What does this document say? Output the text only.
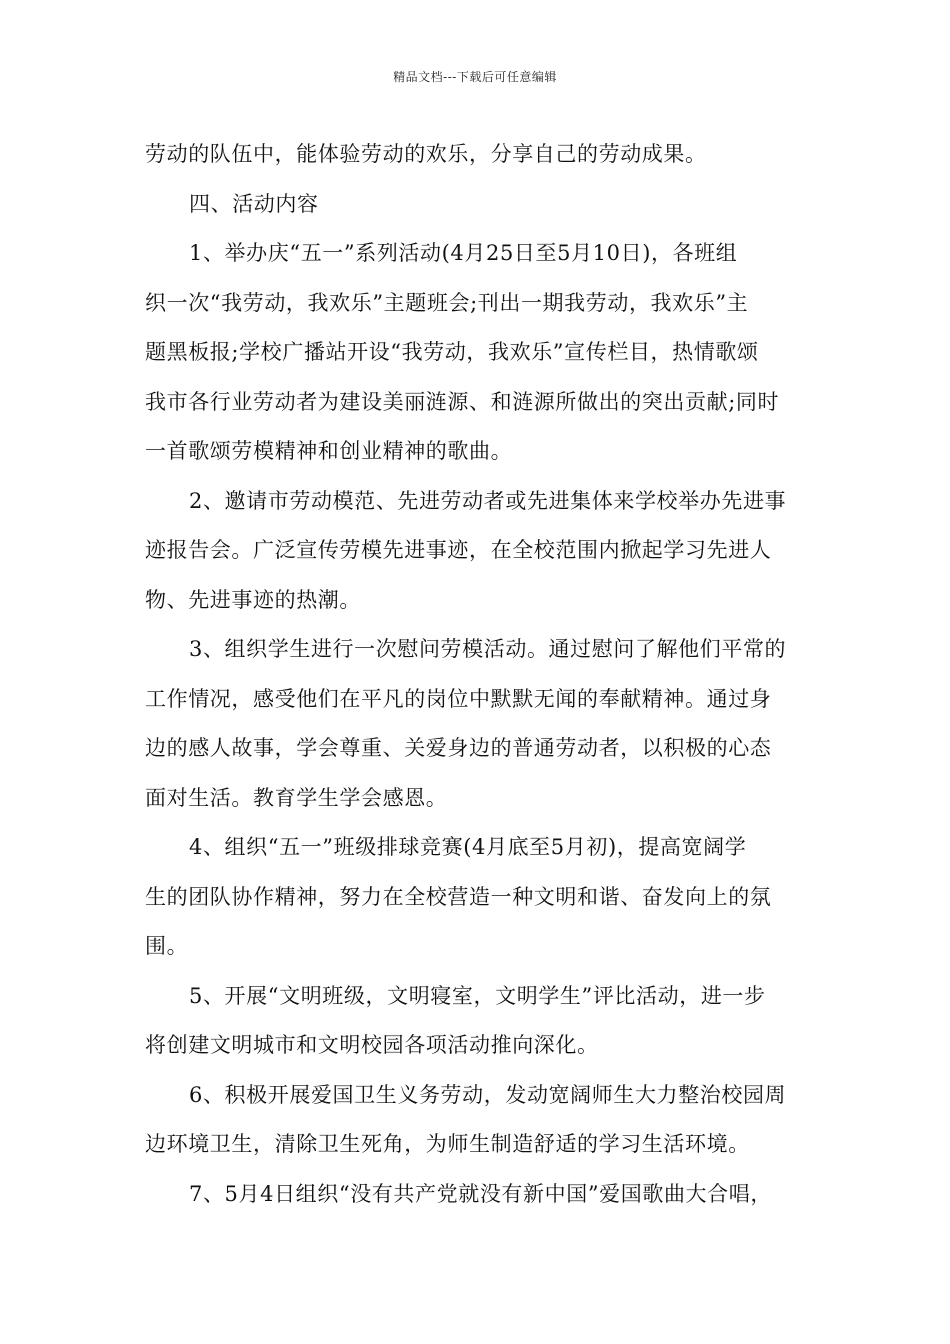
精品文档---下载后可任意编辑
劳动的队伍中，能体验劳动的欢乐，分享自己的劳动成果。
四、活动内容
1、举办庆“五一”系列活动(4月25日至5月10日)，各班组
织一次“我劳动，我欢乐”主题班会;刊出一期我劳动，我欢乐”主
题黑板报;学校广播站开设“我劳动，我欢乐”宣传栏目，热情歌颂
我市各行业劳动者为建设美丽涟源、和涟源所做出的突出贡献;同时
一首歌颂劳模精神和创业精神的歌曲。
2、邀请市劳动模范、先进劳动者或先进集体来学校举办先进事
迹报告会。广泛宣传劳模先进事迹，在全校范围内掀起学习先进人
物、先进事迹的热潮。
3、组织学生进行一次慰问劳模活动。通过慰问了解他们平常的
工作情况，感受他们在平凡的岗位中默默无闻的奉献精神。通过身
边的感人故事，学会尊重、关爱身边的普通劳动者，以积极的心态
面对生活。教育学生学会感恩。
4、组织“五一”班级排球竞赛(4月底至5月初)，提高宽阔学
生的团队协作精神，努力在全校营造一种文明和谐、奋发向上的氛
围。
5、开展“文明班级，文明寝室，文明学生”评比活动，进一步
将创建文明城市和文明校园各项活动推向深化。
6、积极开展爱国卫生义务劳动，发动宽阔师生大力整治校园周
边环境卫生，清除卫生死角，为师生制造舒适的学习生活环境。
7、5月4日组织“没有共产党就没有新中国”爱国歌曲大合唱，
